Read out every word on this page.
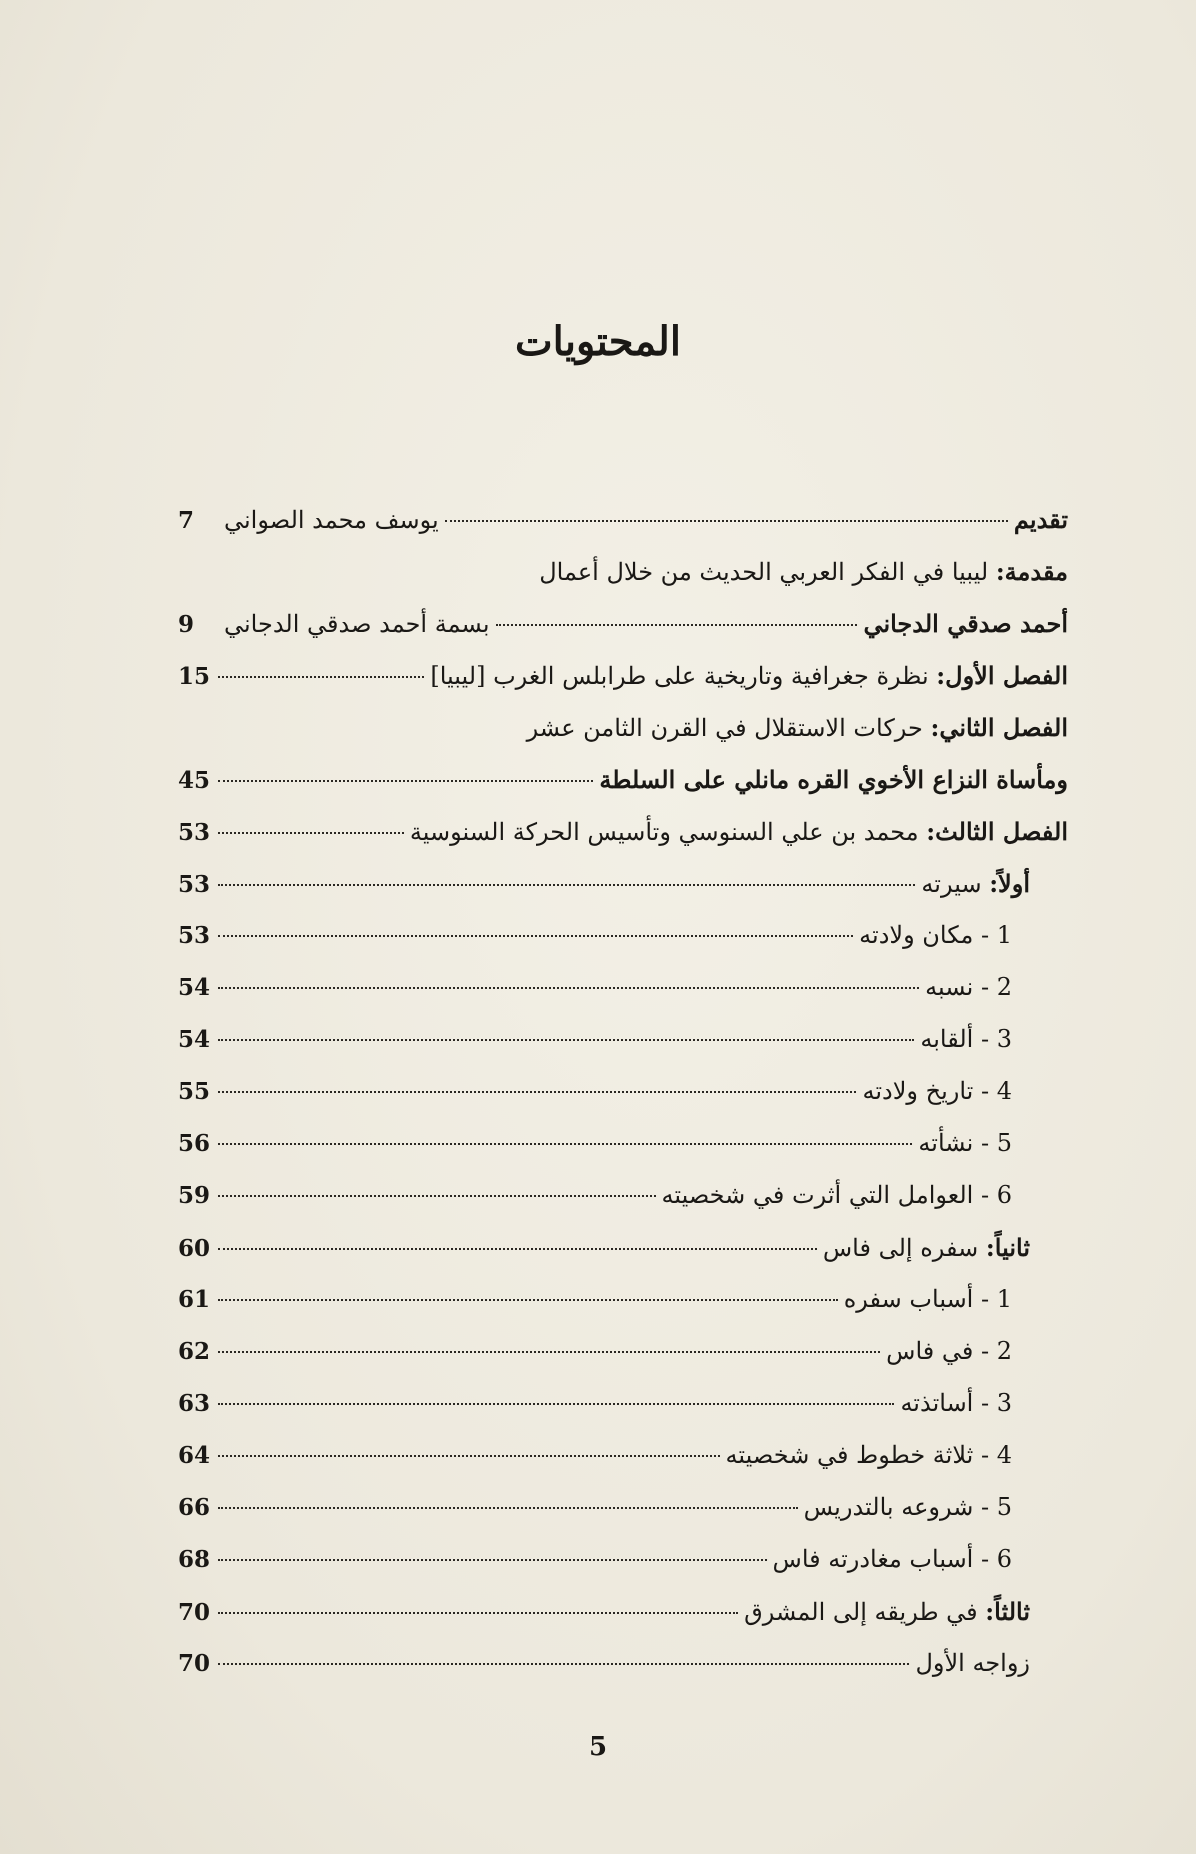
المحتويات
تقديم
يوسف محمد الصواني
7
مقدمة: ليبيا في الفكر العربي الحديث من خلال أعمال
أحمد صدقي الدجاني
بسمة أحمد صدقي الدجاني
9
الفصل الأول: نظرة جغرافية وتاريخية على طرابلس الغرب [ليبيا]
15
الفصل الثاني: حركات الاستقلال في القرن الثامن عشر
ومأساة النزاع الأخوي القره مانلي على السلطة
45
الفصل الثالث: محمد بن علي السنوسي وتأسيس الحركة السنوسية
53
أولاً: سيرته
53
1 - مكان ولادته
53
2 - نسبه
54
3 - ألقابه
54
4 - تاريخ ولادته
55
5 - نشأته
56
6 - العوامل التي أثرت في شخصيته
59
ثانياً: سفره إلى فاس
60
1 - أسباب سفره
61
2 - في فاس
62
3 - أساتذته
63
4 - ثلاثة خطوط في شخصيته
64
5 - شروعه بالتدريس
66
6 - أسباب مغادرته فاس
68
ثالثاً: في طريقه إلى المشرق
70
زواجه الأول
70
5
